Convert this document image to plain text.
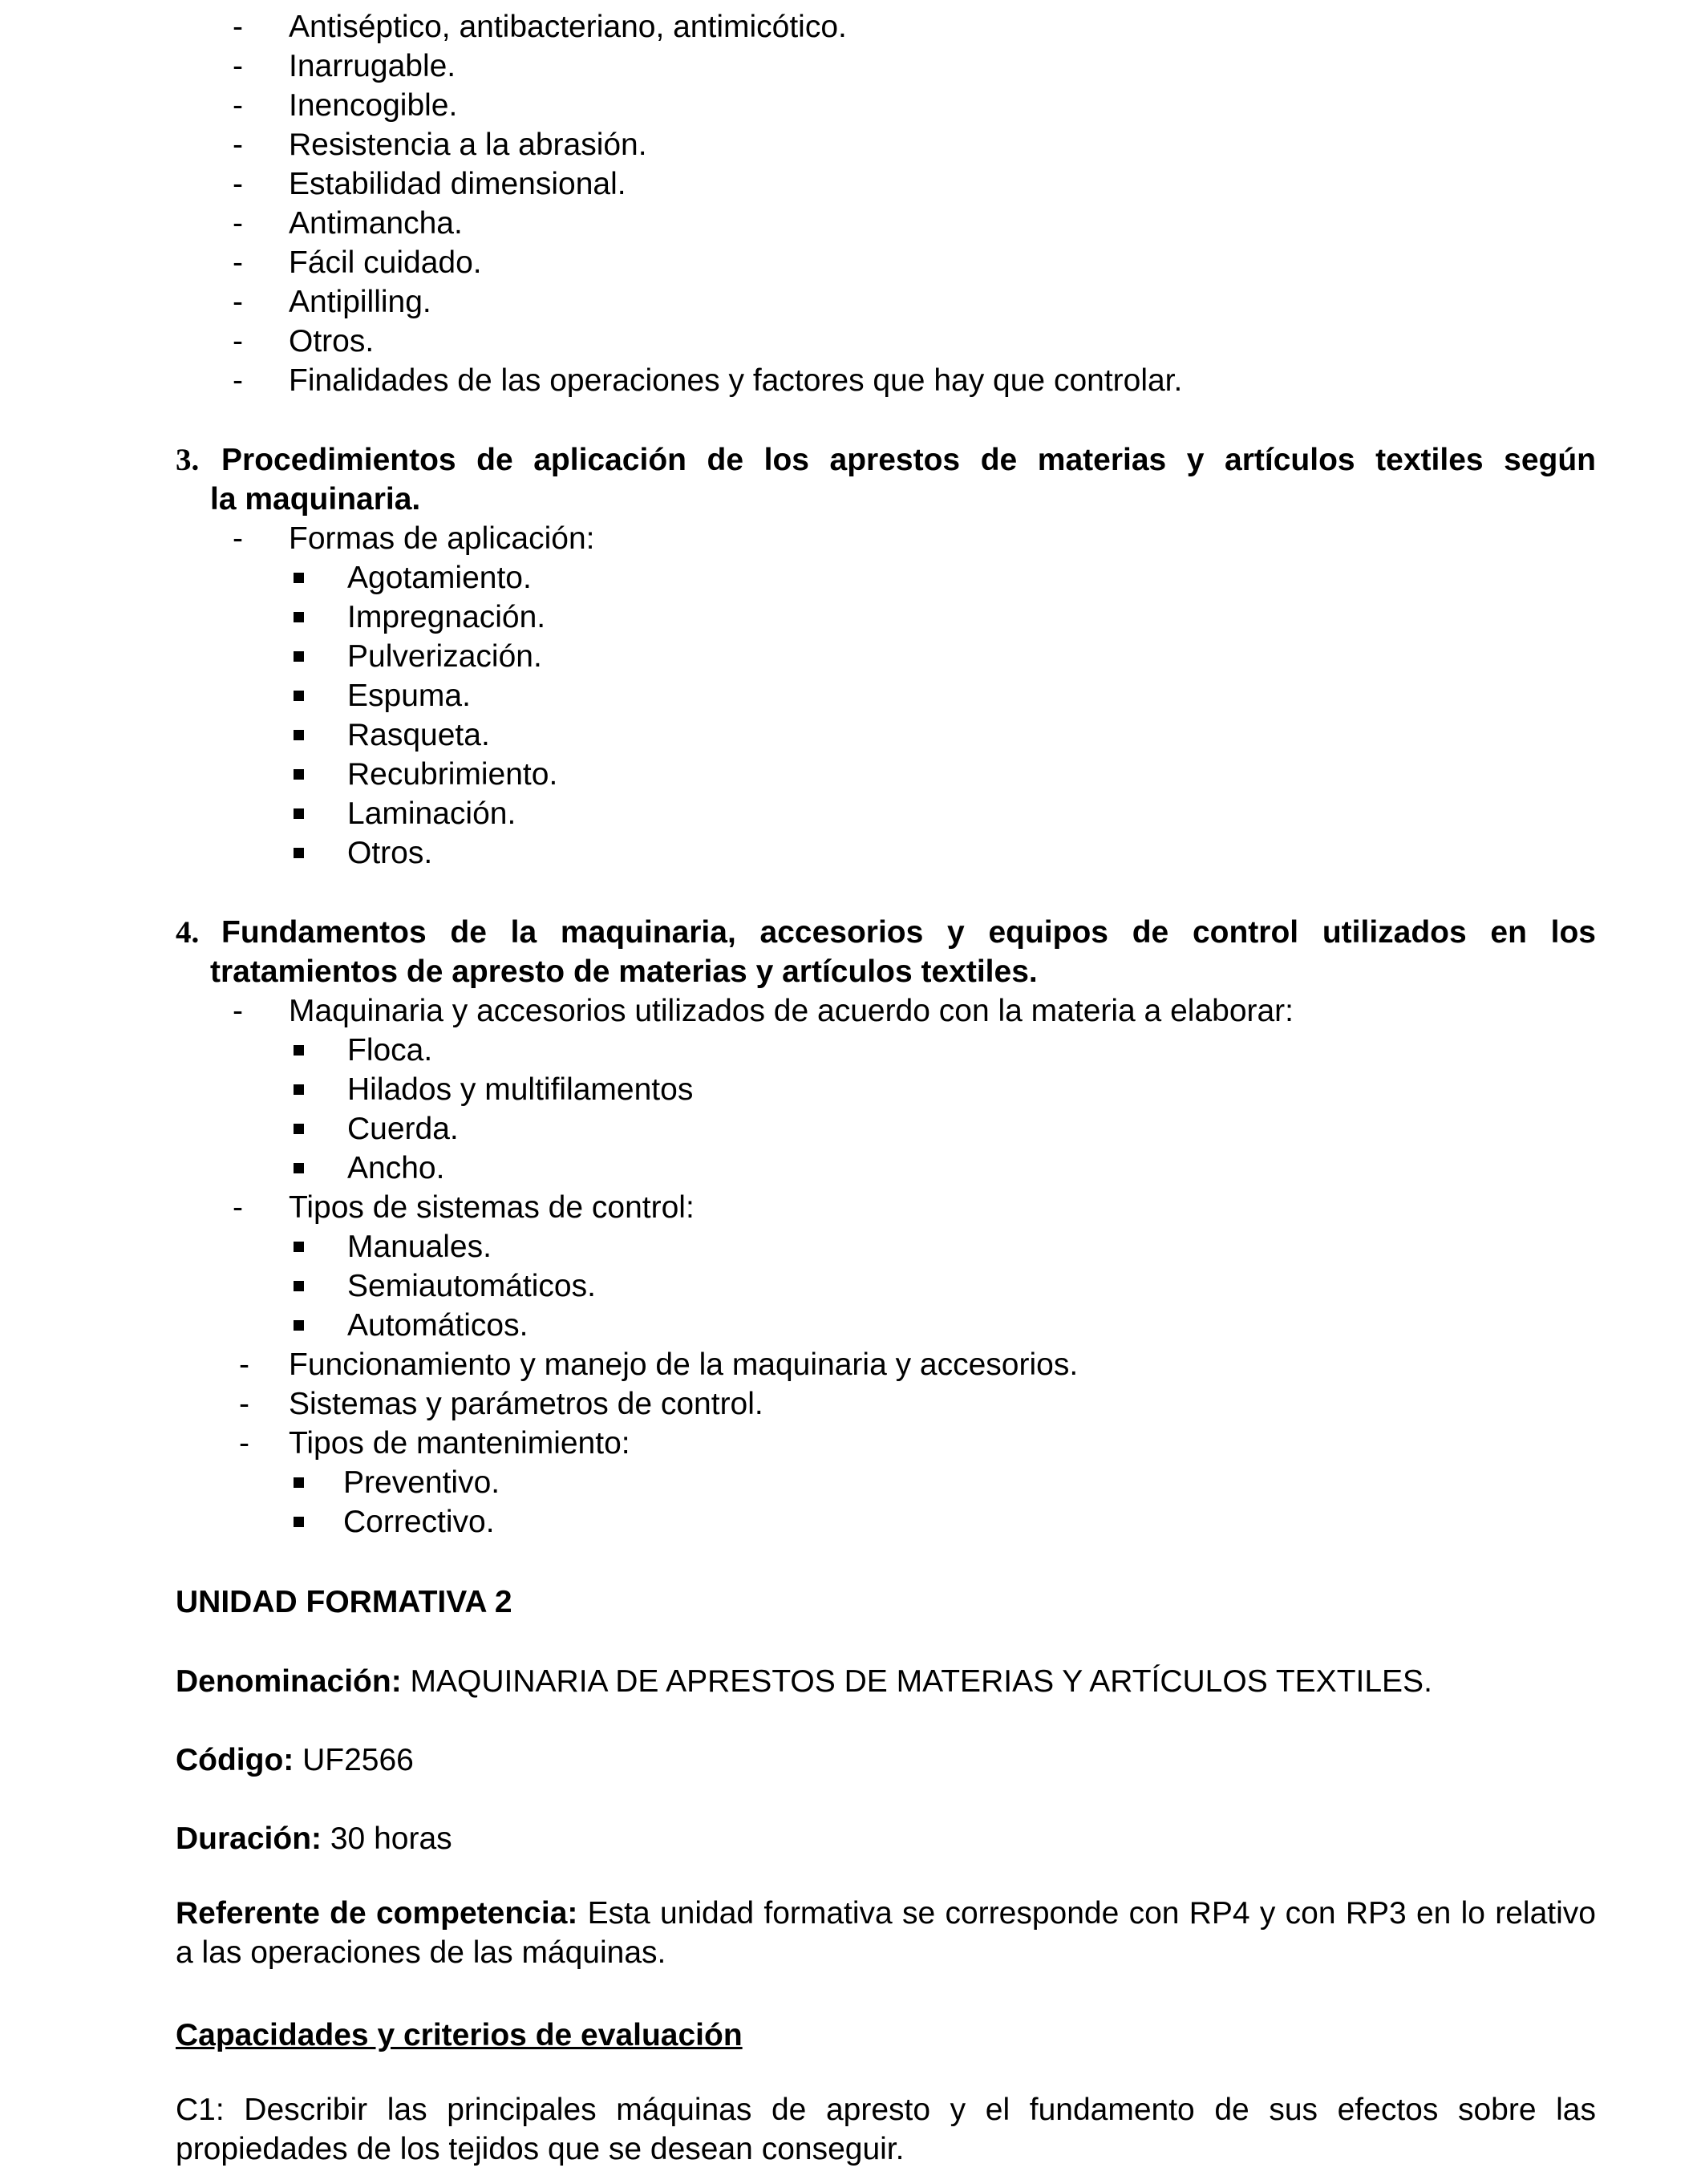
- Antiséptico, antibacteriano, antimicótico.
- Inarrugable.
- Inencogible.
- Resistencia a la abrasión.
- Estabilidad dimensional.
- Antimancha.
- Fácil cuidado.
- Antipilling.
- Otros.
- Finalidades de las operaciones y factores que hay que controlar.
3. Procedimientos de aplicación de los aprestos de materias y artículos textiles según
la maquinaria.
- Formas de aplicación:
Agotamiento.
Impregnación.
Pulverización.
Espuma.
Rasqueta.
Recubrimiento.
Laminación.
Otros.
4. Fundamentos de la maquinaria, accesorios y equipos de control utilizados en los
tratamientos de apresto de materias y artículos textiles.
- Maquinaria y accesorios utilizados de acuerdo con la materia a elaborar:
Floca.
Hilados y multifilamentos
Cuerda.
Ancho.
- Tipos de sistemas de control:
Manuales.
Semiautomáticos.
Automáticos.
- Funcionamiento y manejo de la maquinaria y accesorios.
- Sistemas y parámetros de control.
- Tipos de mantenimiento:
Preventivo.
Correctivo.
UNIDAD FORMATIVA 2
Denominación: MAQUINARIA DE APRESTOS DE MATERIAS Y ARTÍCULOS TEXTILES.
Código: UF2566
Duración: 30 horas
Referente de competencia: Esta unidad formativa se corresponde con RP4 y con RP3 en lo relativo a las operaciones de las máquinas.
Capacidades y criterios de evaluación
C1: Describir las principales máquinas de apresto y el fundamento de sus efectos sobre las propiedades de los tejidos que se desean conseguir.
